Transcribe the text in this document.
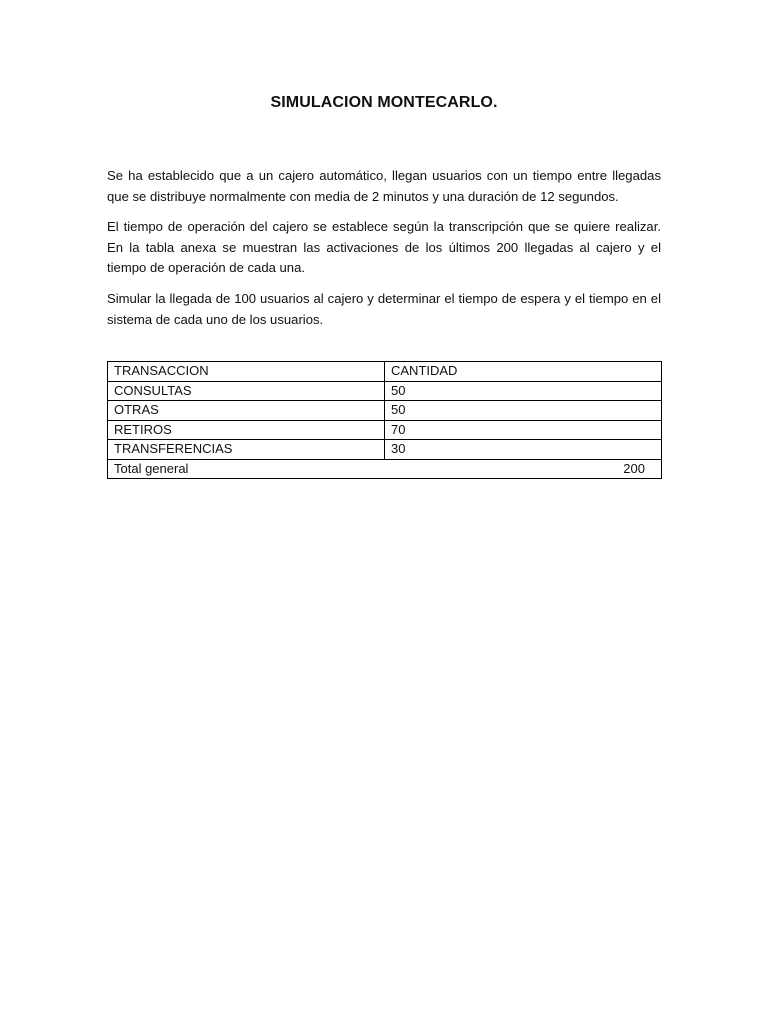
SIMULACION MONTECARLO.

Se ha establecido que a un cajero automático, llegan usuarios con un tiempo entre llegadas que se distribuye normalmente con media de 2 minutos y una duración de 12 segundos.

El tiempo de operación del cajero se establece según la transcripción que se quiere realizar. En la tabla anexa se muestran las activaciones de los últimos 200 llegadas al cajero y el tiempo de operación de cada una.

Simular la llegada de 100 usuarios al cajero y determinar el tiempo de espera y el tiempo en el sistema de cada uno de los usuarios.

TRANSACCION	CANTIDAD
CONSULTAS	50
OTRAS	50
RETIROS	70
TRANSFERENCIAS	30
Total general 200	
